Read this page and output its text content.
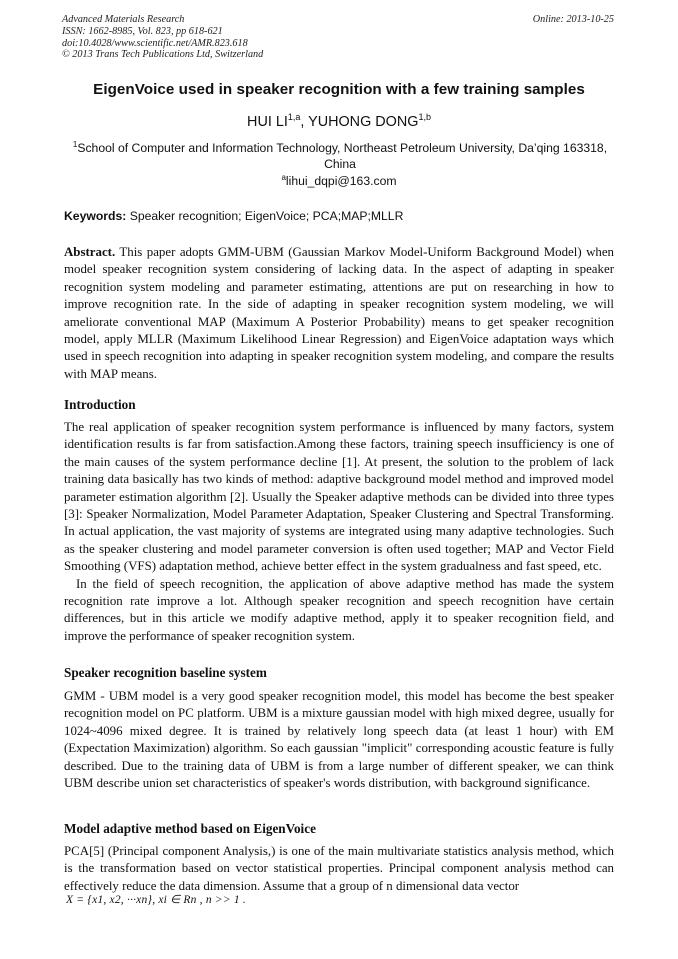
Advanced Materials Research
ISSN: 1662-8985, Vol. 823, pp 618-621
doi:10.4028/www.scientific.net/AMR.823.618
© 2013 Trans Tech Publications Ltd, Switzerland
Online: 2013-10-25
EigenVoice used in speaker recognition with a few training samples
HUI LI$^{1,a}$, YUHONG DONG$^{1,b}$
$^1$School of Computer and Information Technology, Northeast Petroleum University, Da’qing 163318, China
$^a$lihui_dqpi@163.com
Keywords: Speaker recognition; EigenVoice; PCA;MAP;MLLR

Abstract. This paper adopts GMM-UBM (Gaussian Markov Model-Uniform Background Model) when model speaker recognition system considering of lacking data. In the aspect of adapting in speaker recognition system modeling and parameter estimating, attentions are put on researching in how to improve recognition rate. In the side of adapting in speaker recognition system modeling, we will ameliorate conventional MAP (Maximum A Posterior Probability) means to get speaker recognition model, apply MLLR (Maximum Likelihood Linear Regression) and EigenVoice adaptation ways which used in speech recognition into adapting in speaker recognition system modeling, and compare the results with MAP means.

Introduction

The real application of speaker recognition system performance is influenced by many factors, system identification results is far from satisfaction.Among these factors, training speech insufficiency is one of the main causes of the system performance decline [1]. At present, the solution to the problem of lack training data basically has two kinds of method: adaptive background model method and improved model parameter estimation algorithm [2]. Usually the Speaker adaptive methods can be divided into three types [3]: Speaker Normalization, Model Parameter Adaptation, Speaker Clustering and Spectral Transforming. In actual application, the vast majority of systems are integrated using many adaptive technologies. Such as the speaker clustering and model parameter conversion is often used together; MAP and Vector Field Smoothing (VFS) adaptation method, achieve better effect in the system gradualness and fast speed, etc.

In the field of speech recognition, the application of above adaptive method has made the system recognition rate improve a lot. Although speaker recognition and speech recognition have certain differences, but in this article we modify adaptive method, apply it to speaker recognition field, and improve the performance of speaker recognition system.

Speaker recognition baseline system

GMM - UBM model is a very good speaker recognition model, this model has become the best speaker recognition model on PC platform. UBM is a mixture gaussian model with high mixed degree, usually for 1024~4096 mixed degree. It is trained by relatively long speech data (at least 1 hour) with EM (Expectation Maximization) algorithm. So each gaussian "implicit" corresponding acoustic feature is fully described. Due to the training data of UBM is from a large number of different speaker, we can think UBM describe union set characteristics of speaker's words distribution, with background significance.

Model adaptive method based on EigenVoice

PCA[5] (Principal component Analysis,) is one of the main multivariate statistics analysis method, which is the transformation based on vector statistical properties. Principal component analysis method can effectively reduce the data dimension. Assume that a group of n dimensional data vector

X = {x1, x2, ···xn}, xi ∈ Rn , n >> 1 .
